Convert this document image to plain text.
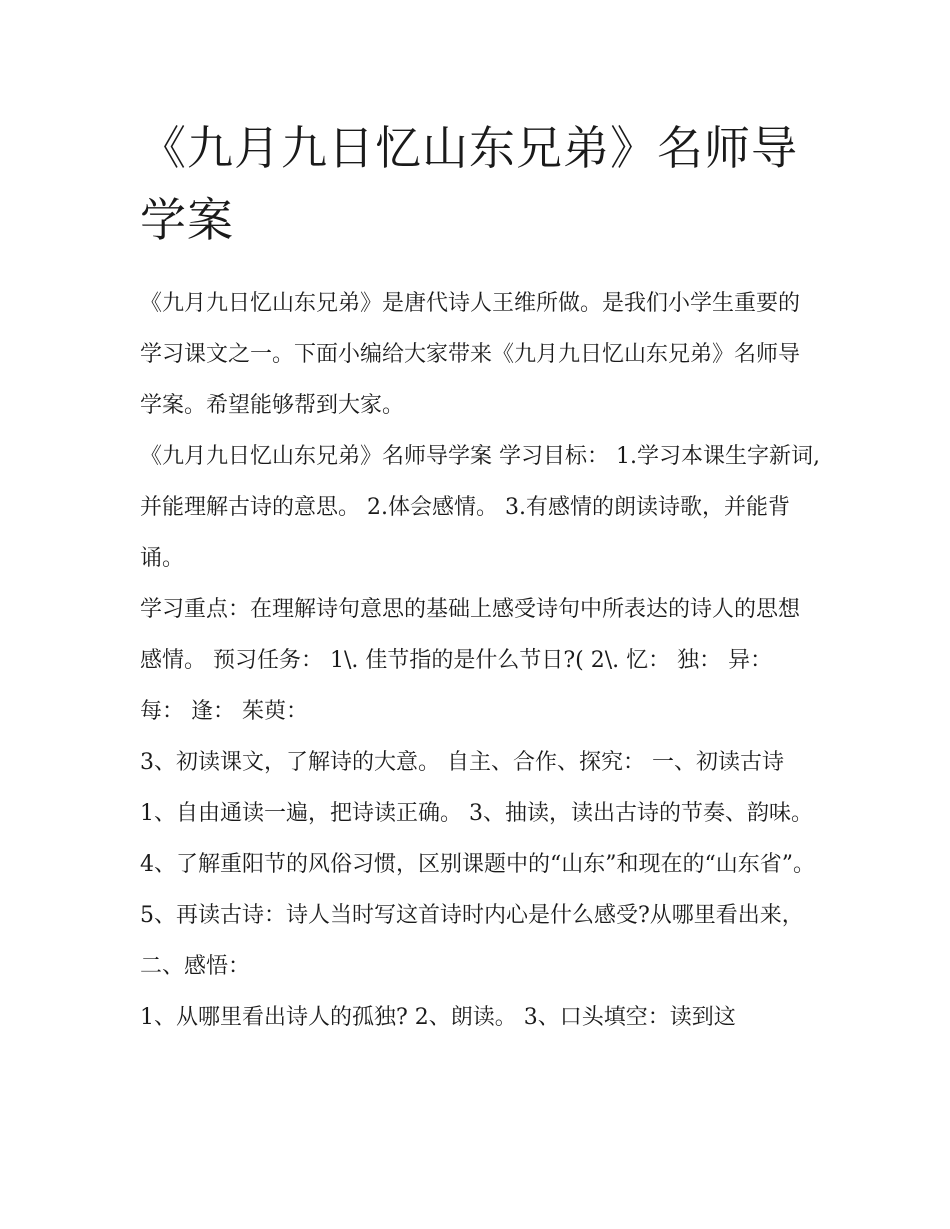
《九月九日忆山东兄弟》名师导学案

《九月九日忆山东兄弟》是唐代诗人王维所做。是我们小学生重要的学习课文之一。下面小编给大家带来《九月九日忆山东兄弟》名师导学案。希望能够帮到大家。

《九月九日忆山东兄弟》名师导学案 学习目标： 1.学习本课生字新词,并能理解古诗的意思。 2.体会感情。 3.有感情的朗读诗歌，并能背诵。

学习重点：在理解诗句意思的基础上感受诗句中所表达的诗人的思想感情。 预习任务： 1\. 佳节指的是什么节日?( 2\. 忆： 独： 异： 每： 逢： 茱萸：

3、初读课文，了解诗的大意。 自主、合作、探究： 一、初读古诗 1、自由通读一遍，把诗读正确。 3、抽读，读出古诗的节奏、韵味。

4、了解重阳节的风俗习惯，区别课题中的“山东”和现在的“山东省”。 5、再读古诗：诗人当时写这首诗时内心是什么感受?从哪里看出来， 二、感悟：

1、从哪里看出诗人的孤独? 2、朗读。 3、口头填空：读到这
